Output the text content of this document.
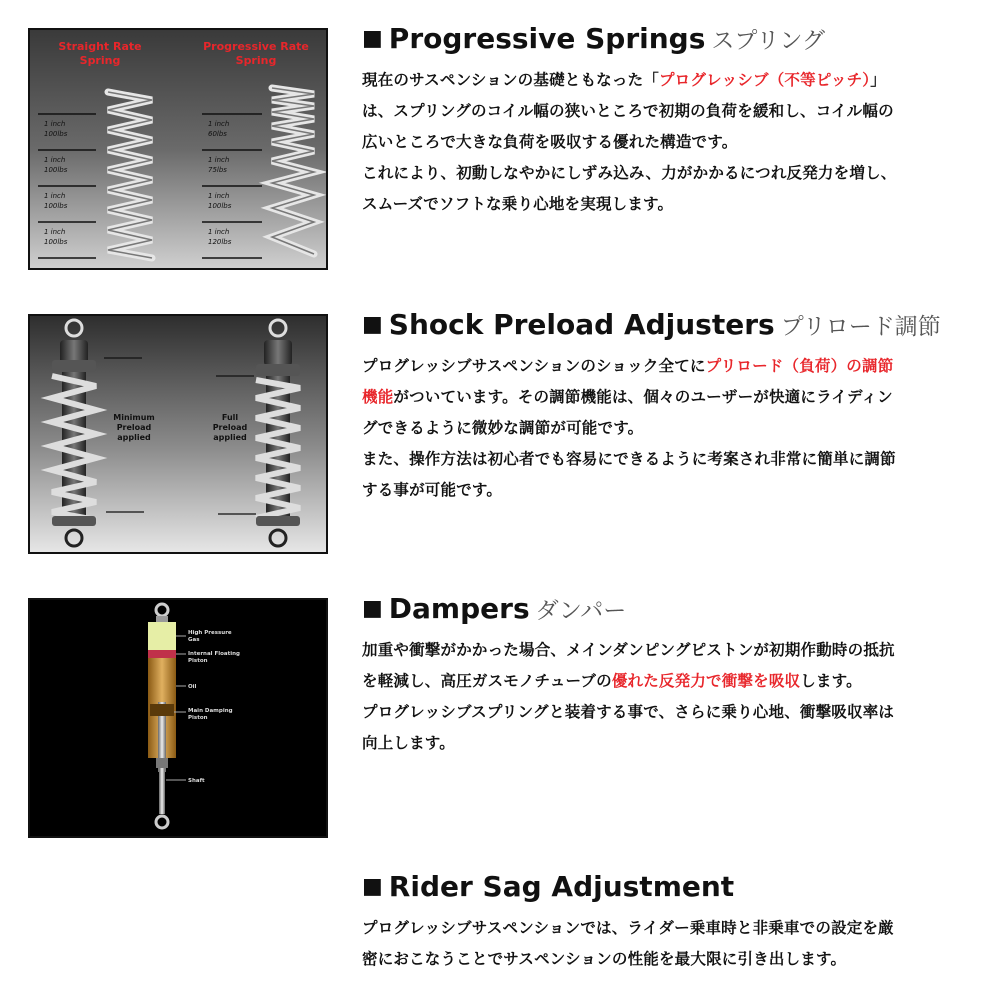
Straight Rate
Spring
Progressive Rate
Spring
1 inch
100lbs
1 inch
100lbs
1 inch
100lbs
1 inch
100lbs
1 inch
60lbs
1 inch
75lbs
1 inch
100lbs
1 inch
120lbs
■ Progressive Springs スプリング
現在のサスペンションの基礎ともなった「プログレッシブ（不等ピッチ）」
は、スプリングのコイル幅の狭いところで初期の負荷を緩和し、コイル幅の
広いところで大きな負荷を吸収する優れた構造です。
これにより、初動しなやかにしずみ込み、力がかかるにつれ反発力を増し、
スムーズでソフトな乗り心地を実現します。
Minimum
Preload
applied
Full
Preload
applied
■ Shock Preload Adjusters プリロード調節
プログレッシブサスペンションのショック全てにプリロード（負荷）の調節
機能がついています。その調節機能は、個々のユーザーが快適にライディン
グできるように微妙な調節が可能です。
また、操作方法は初心者でも容易にできるように考案され非常に簡単に調節
する事が可能です。
High Pressure
Gas
Internal Floating
Piston
Oil
Main Damping
Piston
Shaft
■ Dampers ダンパー
加重や衝撃がかかった場合、メインダンピングピストンが初期作動時の抵抗
を軽減し、高圧ガスモノチューブの優れた反発力で衝撃を吸収します。
プログレッシブスプリングと装着する事で、さらに乗り心地、衝撃吸収率は
向上します。
■ Rider Sag Adjustment
プログレッシブサスペンションでは、ライダー乗車時と非乗車での設定を厳
密におこなうことでサスペンションの性能を最大限に引き出します。
